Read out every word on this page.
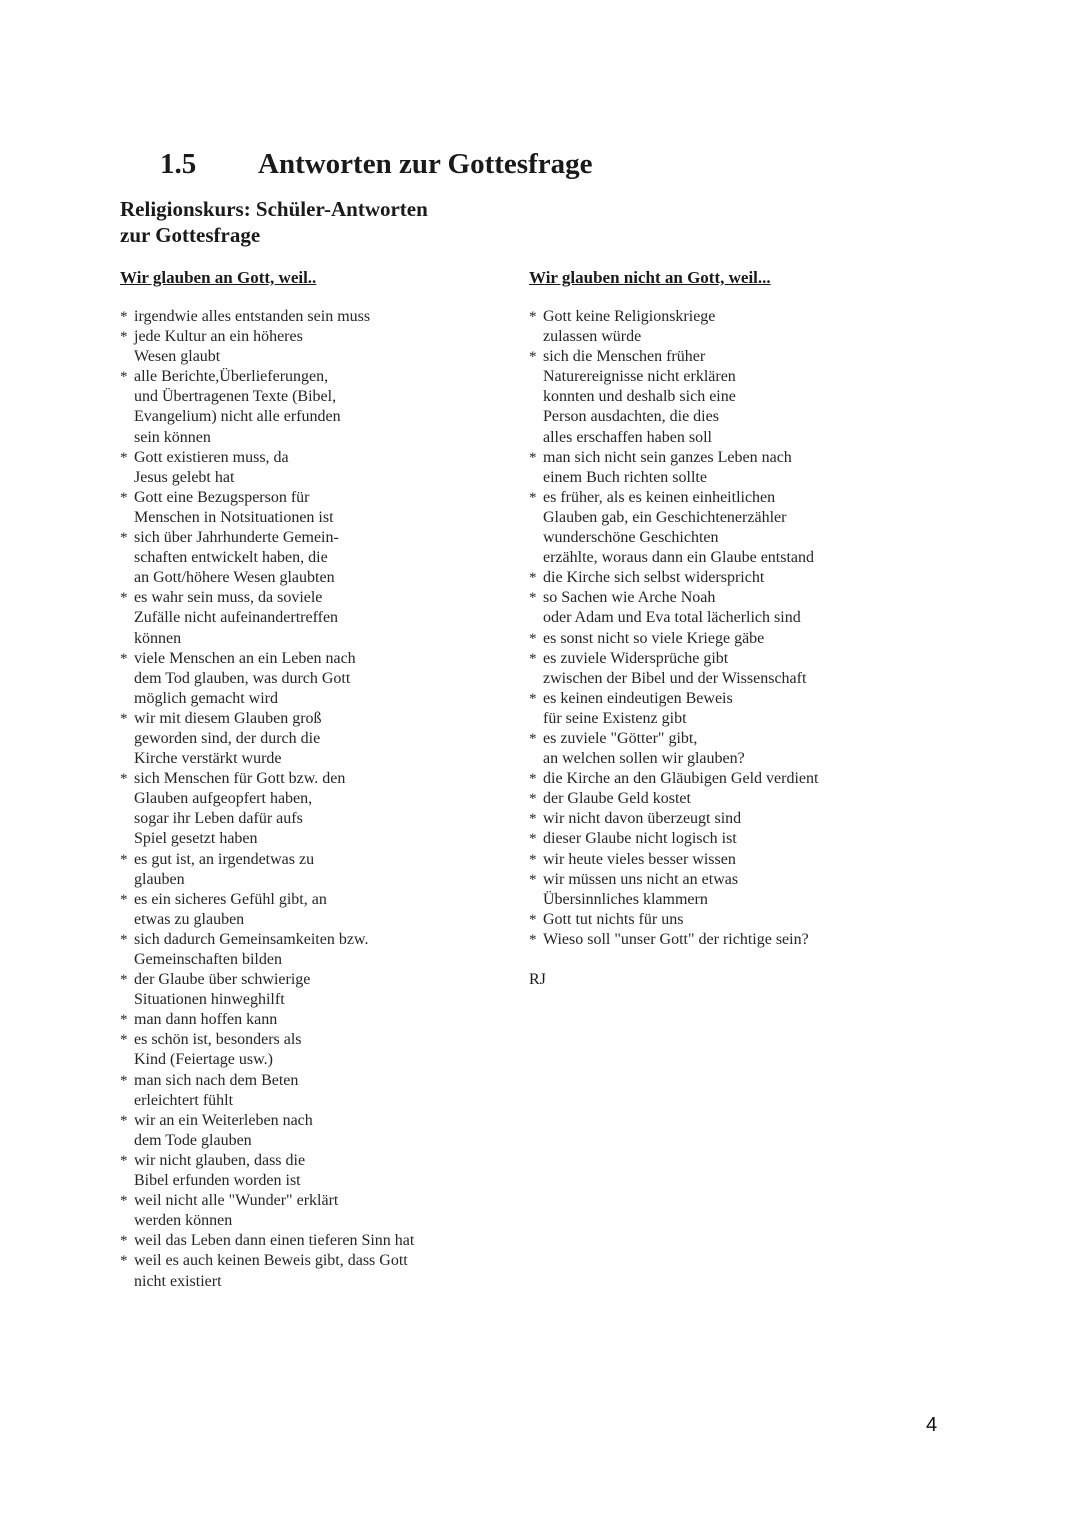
1.5 Antworten zur Gottesfrage
Religionskurs: Schüler-Antworten
zur Gottesfrage
Wir glauben an Gott, weil..
* irgendwie alles entstanden sein muss
* jede Kultur an ein höheres
Wesen glaubt
* alle Berichte,Überlieferungen,
und Übertragenen Texte (Bibel,
Evangelium) nicht alle erfunden
sein können
* Gott existieren muss, da
Jesus gelebt hat
* Gott eine Bezugsperson für
Menschen in Notsituationen ist
* sich über Jahrhunderte Gemein-
schaften entwickelt haben, die
an Gott/höhere Wesen glaubten
* es wahr sein muss, da soviele
Zufälle nicht aufeinandertreffen
können
* viele Menschen an ein Leben nach
dem Tod glauben, was durch Gott
möglich gemacht wird
* wir mit diesem Glauben groß
geworden sind, der durch die
Kirche verstärkt wurde
* sich Menschen für Gott bzw. den
Glauben aufgeopfert haben,
sogar ihr Leben dafür aufs
Spiel gesetzt haben
* es gut ist, an irgendetwas zu
glauben
* es ein sicheres Gefühl gibt, an
etwas zu glauben
* sich dadurch Gemeinsamkeiten bzw.
Gemeinschaften bilden
* der Glaube über schwierige
Situationen hinweghilft
* man dann hoffen kann
* es schön ist, besonders als
Kind (Feiertage usw.)
* man sich nach dem Beten
erleichtert fühlt
* wir an ein Weiterleben nach
dem Tode glauben
* wir nicht glauben, dass die
Bibel erfunden worden ist
* weil nicht alle "Wunder" erklärt
werden können
* weil das Leben dann einen tieferen Sinn hat
* weil es auch keinen Beweis gibt, dass Gott
nicht existiert
Wir glauben nicht an Gott, weil...
* Gott keine Religionskriege
zulassen würde
* sich die Menschen früher
Naturereignisse nicht erklären
konnten und deshalb sich eine
Person ausdachten, die dies
alles erschaffen haben soll
* man sich nicht sein ganzes Leben nach
einem Buch richten sollte
* es früher, als es keinen einheitlichen
Glauben gab, ein Geschichtenerzähler
wunderschöne Geschichten
erzählte, woraus dann ein Glaube entstand
* die Kirche sich selbst widerspricht
* so Sachen wie Arche Noah
oder Adam und Eva total lächerlich sind
* es sonst nicht so viele Kriege gäbe
* es zuviele Widersprüche gibt
zwischen der Bibel und der Wissenschaft
* es keinen eindeutigen Beweis
für seine Existenz gibt
* es zuviele "Götter" gibt,
an welchen sollen wir glauben?
* die Kirche an den Gläubigen Geld verdient
* der Glaube Geld kostet
* wir nicht davon überzeugt sind
* dieser Glaube nicht logisch ist
* wir heute vieles besser wissen
* wir müssen uns nicht an etwas
Übersinnliches klammern
* Gott tut nichts für uns
* Wieso soll "unser Gott" der richtige sein?
RJ
4
